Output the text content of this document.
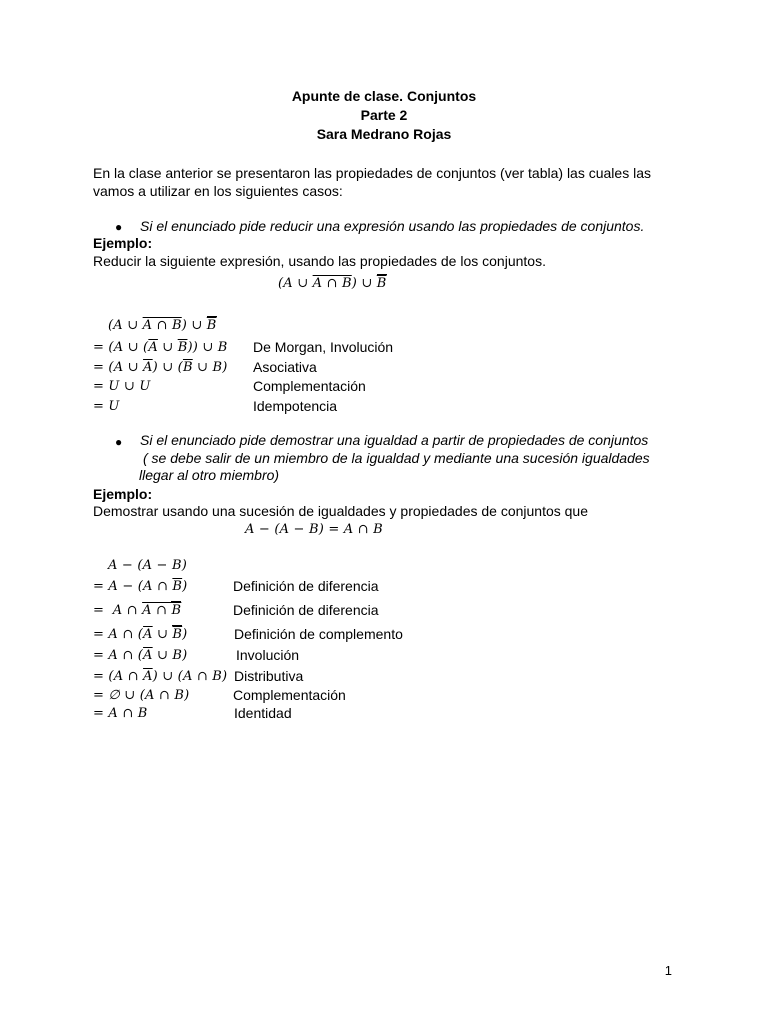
Apunte de clase. Conjuntos
Parte 2
Sara Medrano Rojas
En la clase anterior se presentaron las propiedades de conjuntos (ver tabla) las cuales las vamos a utilizar en los siguientes casos:
● Si el enunciado pide reducir una expresión usando las propiedades de conjuntos.
Ejemplo:
Reducir la siguiente expresión, usando las propiedades de los conjuntos.
(A ∪ A ∩ B) ∪ $\overline{B}$
(A ∪ A ∩ B) ∪ $\overline{B}$
= (A ∪ ($\overline{A}$ ∪ $\overline{B}$)) ∪ B De Morgan, Involución
= (A ∪ $\overline{A}$) ∪ ($\overline{B}$ ∪ B) Asociativa
= U ∪ U	Complementación
= U	Idempotencia
● Si el enunciado pide demostrar una igualdad a partir de propiedades de conjuntos
( se debe salir de un miembro de la igualdad y mediante una sucesión igualdades
llegar al otro miembro)
Ejemplo:
Demostrar usando una sucesión de igualdades y propiedades de conjuntos que
A − (A − B) = A ∩ B
A − (A − B)
= A − (A ∩ $\overline{B}$)	Definición de diferencia
=  A ∩ A ∩ B	Definición de diferencia
= A ∩ ($\overline{A}$ ∪ $\overline{B}$)	Definición de complemento
= A ∩ ($\overline{A}$ ∪ B)	Involución
= (A ∩ $\overline{A}$) ∪ (A ∩ B) Distributiva
= ∅ ∪ (A ∩ B)	Complementación
= A ∩ B	Identidad
1
